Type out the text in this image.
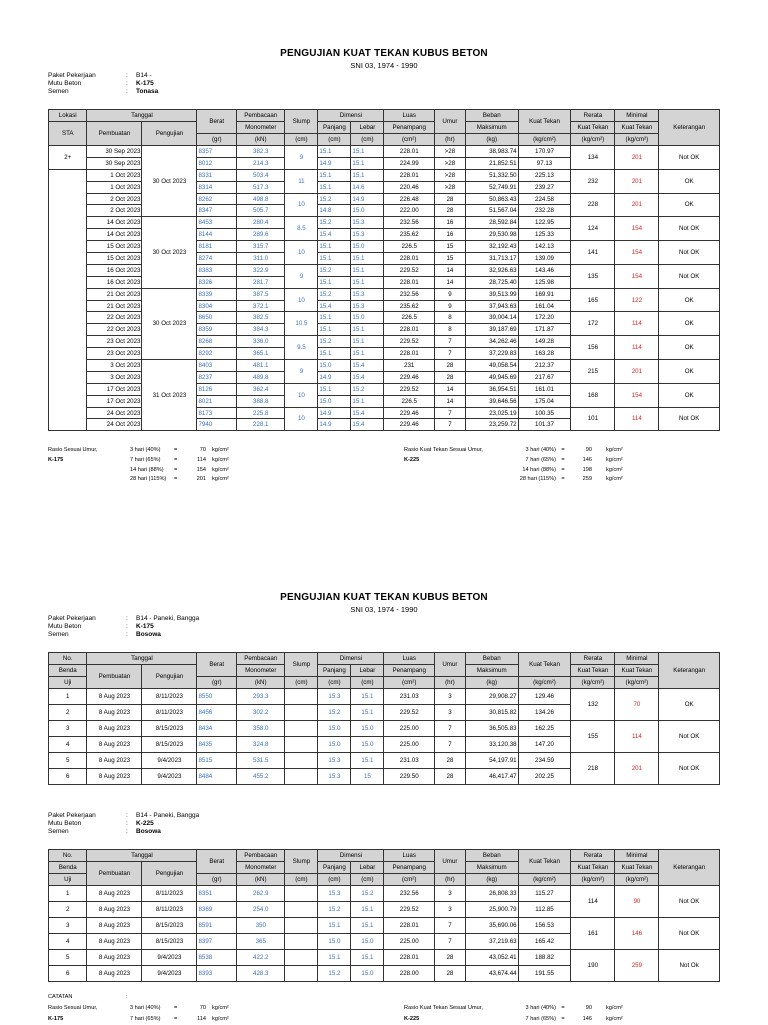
PENGUJIAN KUAT TEKAN KUBUS BETON
SNI 03, 1974 - 1990
Paket Pekerjaan	:	B14 -
Mutu Beton	:	K-175
Semen	:	Tonasa
Lokasi	Tanggal		Berat	Pembacaan	Slump	Dimensi		Luas	Umur	Beban	Kuat Tekan	Rerata	Minimal	Keterangan
STA	Pembuatan	Pengujian		Monometer		Panjang	Lebar	Penampang		Maksimum		Kuat Tekan	Kuat Tekan	
			(gr)	(kN)	(cm)	(cm)	(cm)	(cm²)	(hr)	(kg)	(kg/cm²)	(kg/cm²)	(kg/cm²)	
2+	30 Sep 2023	30 Oct 2023	8357	382.3	9	15.1	15.1	228.01	>28	38,983.74	170.97	134	201	Not OK
	30 Sep 2023		8012	214.3		14.9	15.1	224.99	>28	21,852.51	97.13			
	1 Oct 2023		8331	503.4	11	15.1	15.1	228.01	>28	51,332.50	225.13	232	201	OK
	1 Oct 2023		8314	517.3		15.1	14.6	220.46	>28	52,749.91	239.27			
	2 Oct 2023		8262	498.8	10	15.2	14.9	226.48	28	50,863.43	224.58	228	201	OK
	2 Oct 2023		8347	505.7		14.8	15.0	222.00	28	51,567.04	232.28			
	14 Oct 2023	30 Oct 2023	8453	280.4	8.5	15.2	15.3	232.56	16	28,592.84	122.95	124	154	Not OK
	14 Oct 2023		8144	289.6		15.4	15.3	235.62	16	29,530.98	125.33			
	15 Oct 2023		8181	315.7	10	15.1	15.0	226.5	15	32,192.43	142.13	141	154	Not OK
	15 Oct 2023		8274	311.0		15.1	15.1	228.01	15	31,713.17	139.09			
	16 Oct 2023		8383	322.9	9	15.2	15.1	229.52	14	32,926.63	143.46	135	154	Not OK
	16 Oct 2023		8326	281.7		15.1	15.1	228.01	14	28,725.40	125.98			
	21 Oct 2023	30 Oct 2023	8339	387.5	10	15.2	15.3	232.56	9	39,513.99	169.91	165	122	OK
	21 Oct 2023		8304	372.1		15.4	15.3	235.62	9	37,943.63	161.04			
	22 Oct 2023		8650	382.5	10.5	15.1	15.0	226.5	8	39,004.14	172.20	172	114	OK
	22 Oct 2023		8359	384.3		15.1	15.1	228.01	8	39,187.69	171.87			
	23 Oct 2023		8268	336.0	9.5	15.2	15.1	229.52	7	34,262.46	149.28	156	114	OK
	23 Oct 2023		8292	365.1		15.1	15.1	228.01	7	37,229.83	163.28			
	3 Oct 2023	31 Oct 2023	8403	481.1	9	15.0	15.4	231	28	49,058.54	212.37	215	201	OK
	3 Oct 2023		8237	489.8		14.9	15.4	229.46	28	49,945.69	217.67			
	17 Oct 2023		8126	362.4	10	15.1	15.2	229.52	14	36,954.51	161.01	168	154	OK
	17 Oct 2023		8021	388.8		15.0	15.1	226.5	14	39,646.56	175.04			
	24 Oct 2023		8173	225.8	10	14.9	15.4	229.46	7	23,025.19	100.35	101	114	Not OK
	24 Oct 2023		7940	228.1		14.9	15.4	229.46	7	23,259.72	101.37			
Rasio Sesuai Umur,	3 hari (40%)	=	70 kg/cm²
K-175	7 hari (65%)	=	114 kg/cm²
14 hari (88%)	=	154 kg/cm²
28 hari (115%)	=	201 kg/cm²
Rasio Kuat Tekan Sesuai Umur,	3 hari (40%) =	90	kg/cm²
K-225	7 hari (65%) =	146	kg/cm²
14 hari (88%) =	198	kg/cm²
28 hari (115%) =	259	kg/cm²
PENGUJIAN KUAT TEKAN KUBUS BETON
SNI 03, 1974 - 1990
Paket Pekerjaan	:	B14 - Paneki, Bangga
Mutu Beton	:	K-175
Semen	:	Bosowa
No.	Tanggal		Berat	Pembacaan	Slump	Dimensi		Luas	Umur	Beban	Kuat Tekan	Rerata	Minimal	Keterangan
Benda	Pembuatan	Pengujian		Monometer		Panjang	Lebar	Penampang		Maksimum		Kuat Tekan	Kuat Tekan	
Uji			(gr)	(kN)	(cm)	(cm)	(cm)	(cm²)	(hr)	(kg)	(kg/cm²)	(kg/cm²)	(kg/cm²)	
1	8 Aug 2023	8/11/2023	8550	293.3		15.3	15.1	231.03	3	29,908.27	129.46	132	70	OK
2	8 Aug 2023	8/11/2023	8456	302.2		15.2	15.1	229.52	3	30,815.82	134.26			
3	8 Aug 2023	8/15/2023	8434	358.0		15.0	15.0	225.00	7	36,505.83	162.25	155	114	Not OK
4	8 Aug 2023	8/15/2023	8435	324.8		15.0	15.0	225.00	7	33,120.38	147.20			
5	8 Aug 2023	9/4/2023	8515	531.5		15.3	15.1	231.03	28	54,197.91	234.59	218	201	Not OK
6	8 Aug 2023	9/4/2023	8484	455.2		15.3	15	229.50	28	46,417.47	202.25			
Paket Pekerjaan	:	B14 - Paneki, Bangga
Mutu Beton	:	K-225
Semen	:	Bosowa
No.	Tanggal		Berat	Pembacaan	Slump	Dimensi		Luas	Umur	Beban	Kuat Tekan	Rerata	Minimal	Keterangan
Benda	Pembuatan	Pengujian		Monometer		Panjang	Lebar	Penampang		Maksimum		Kuat Tekan	Kuat Tekan	
Uji			(gr)	(kN)	(cm)	(cm)	(cm)	(cm²)	(hr)	(kg)	(kg/cm²)	(kg/cm²)	(kg/cm²)	
1	8 Aug 2023	8/11/2023	8351	262.9		15.3	15.2	232.56	3	26,808.33	115.27	114	90	Not OK
2	8 Aug 2023	8/11/2023	8369	254.0		15.2	15.1	229.52	3	25,900.79	112.85			
3	8 Aug 2023	8/15/2023	8591	350		15.1	15.1	228.01	7	35,690.06	156.53	161	146	Not OK
4	8 Aug 2023	8/15/2023	8397	365		15.0	15.0	225.00	7	37,219.63	165.42			
5	8 Aug 2023	9/4/2023	8538	422.2		15.1	15.1	228.01	28	43,052.41	188.82	190	259	Not Ok
6	8 Aug 2023	9/4/2023	8393	428.3		15.2	15.0	228.00	28	43,674.44	191.55			
CATATAN	:
Rasio Sesuai Umur,	3 hari (40%)	=	70 kg/cm²
K-175	7 hari (65%)	=	114 kg/cm²
Rasio Kuat Tekan Sesuai Umur,	3 hari (40%) =	90	kg/cm²
K-225	7 hari (65%) =	146	kg/cm²
